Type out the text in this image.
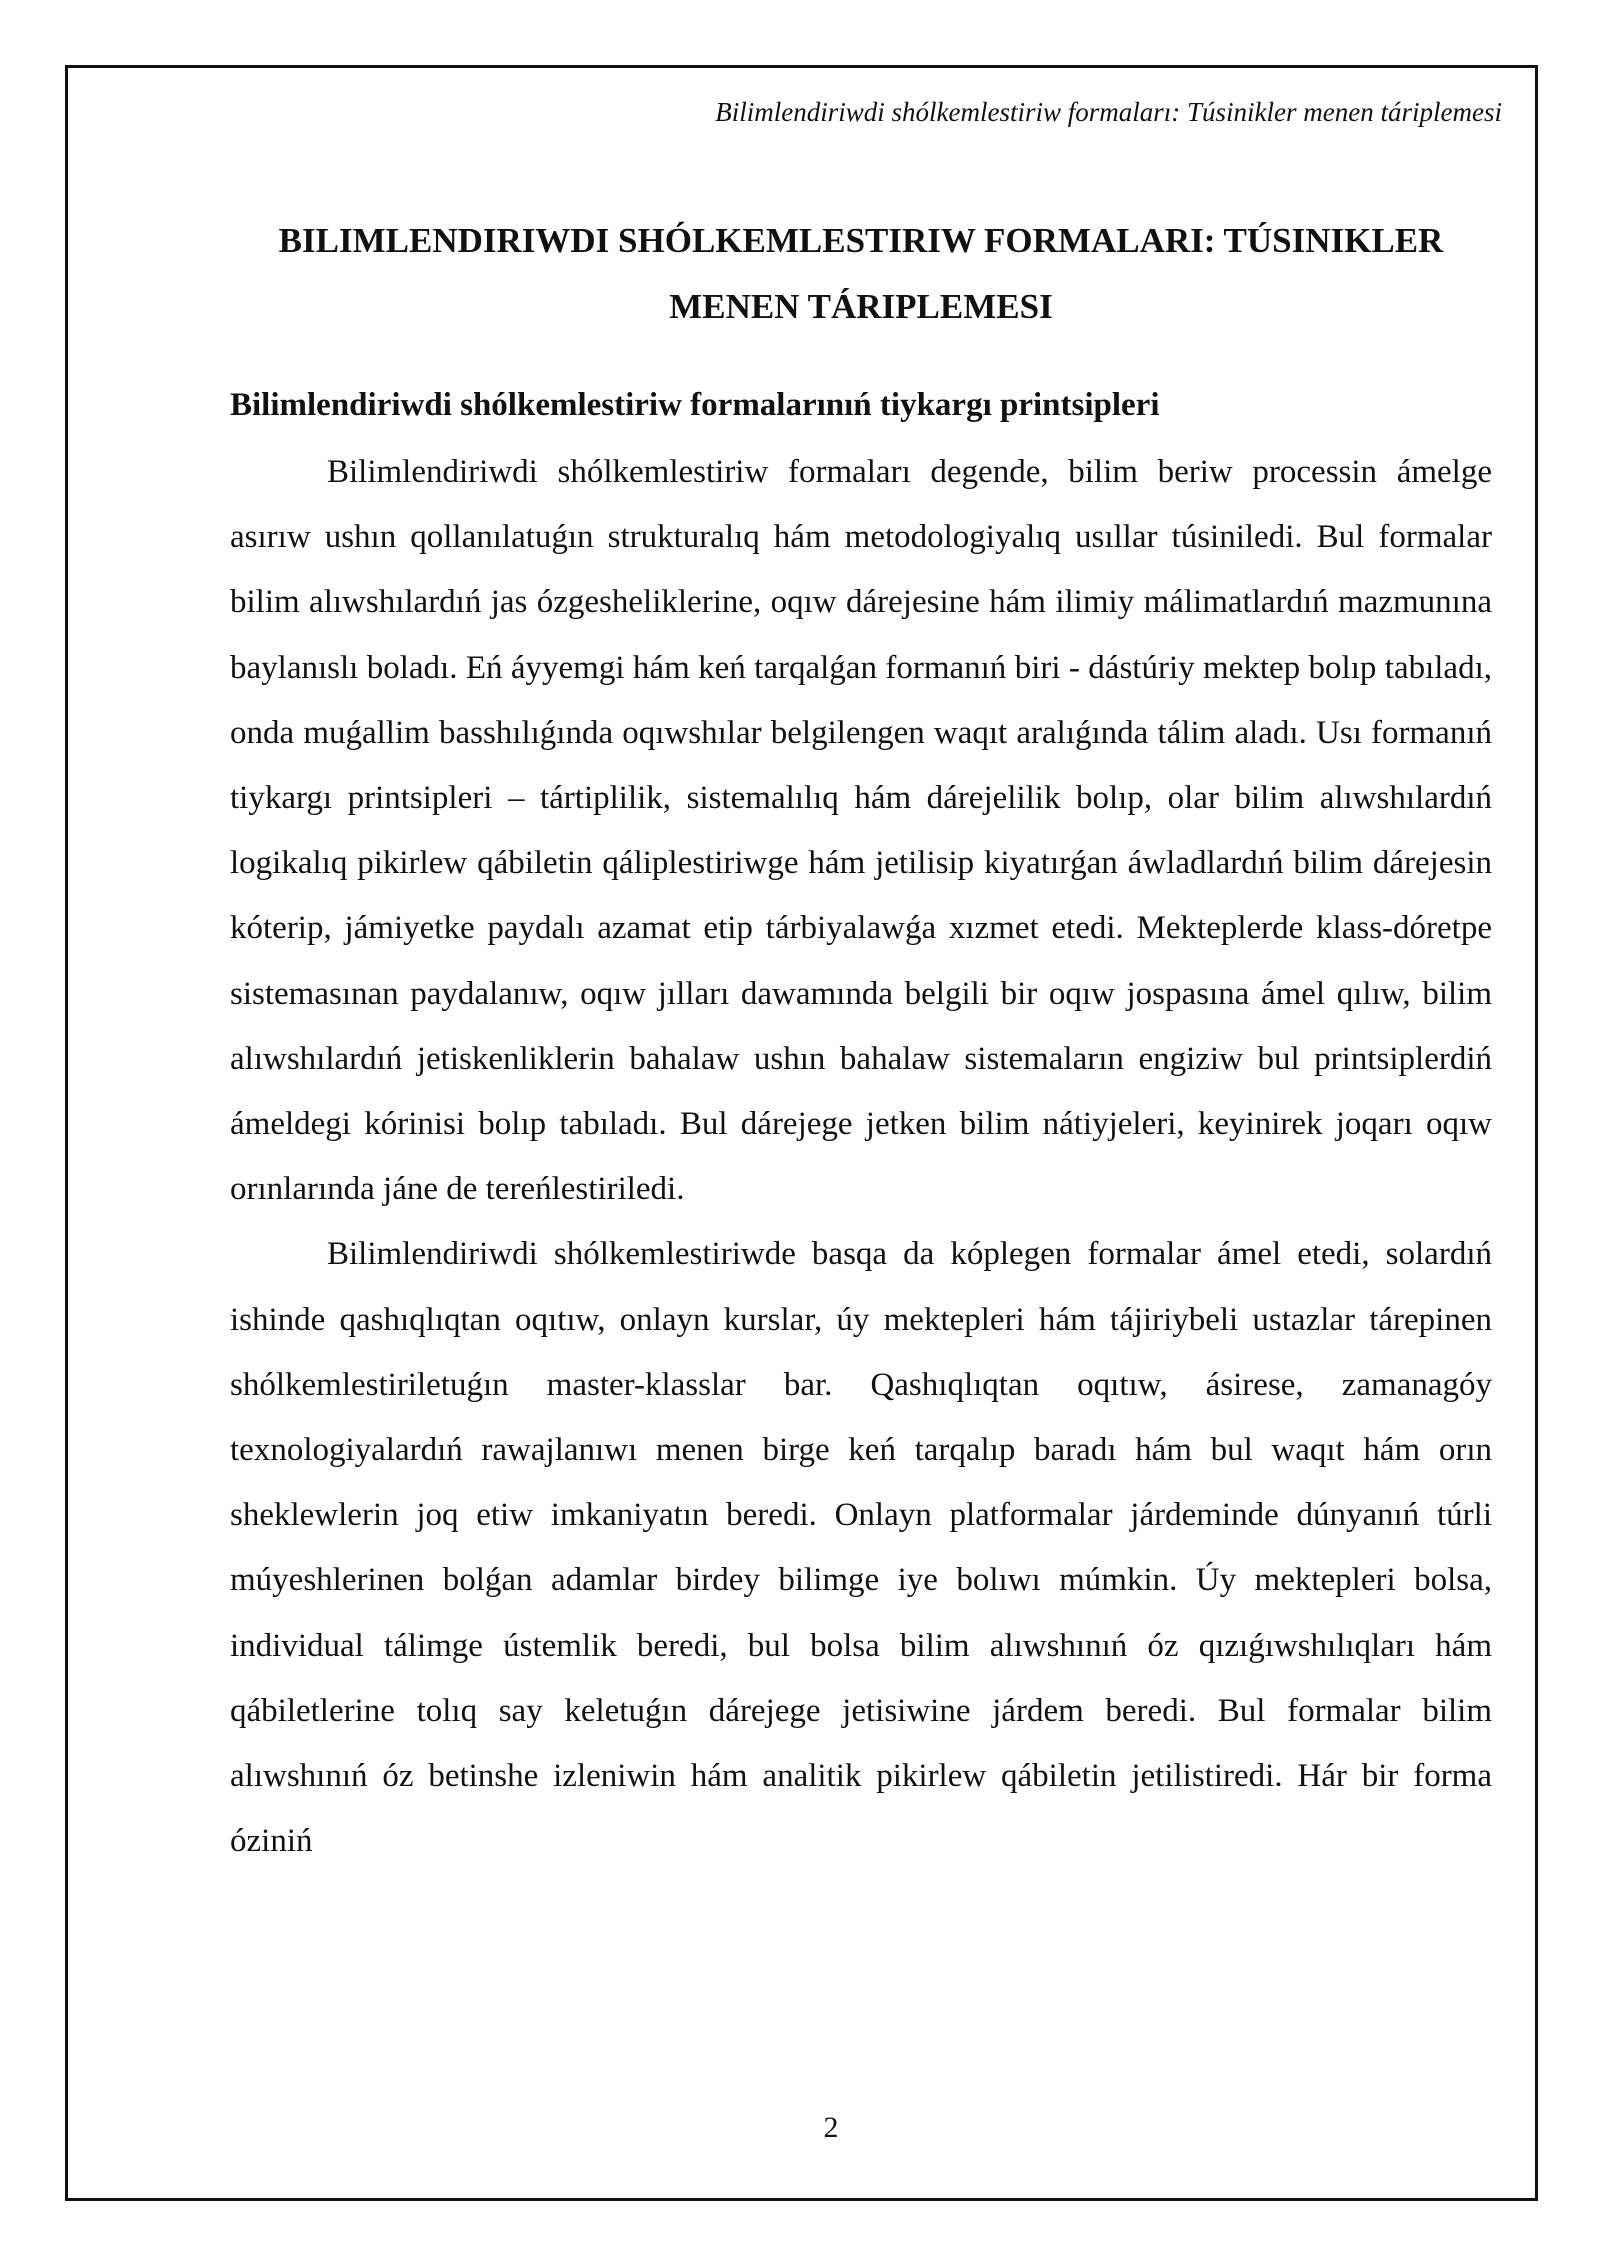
Bilimlendiriwdi shólkemlestiriw formaları: Túsinikler menen táriplemesi
BILIMLENDIRIWDI SHÓLKEMLESTIRIW FORMALARI: TÚSINIKLER MENEN TÁRIPLEMESI
Bilimlendiriwdi shólkemlestiriw formalarınıń tiykargı printsipleri

Bilimlendiriwdi shólkemlestiriw formaları degende, bilim beriw processin ámelge asırıw ushın qollanılatuǵın strukturalıq hám metodologiyalıq usıllar túsiniledi. Bul formalar bilim alıwshılardıń jas ózgesheliklerine, oqıw dárejesine hám ilimiy málimatlardıń mazmunına baylanıslı boladı. Eń áyyemgi hám keń tarqalǵan formanıń biri - dástúriy mektep bolıp tabıladı, onda muǵallim basshılıǵında oqıwshılar belgilengen waqıt aralıǵında tálim aladı. Usı formanıń tiykargı printsipleri – tártiplilik, sistemalılıq hám dárejelilik bolıp, olar bilim alıwshılardıń logikalıq pikirlew qábiletin qáliplestiriwge hám jetilisip kiyatırǵan áwladlardıń bilim dárejesin kóterip, jámiyetke paydalı azamat etip tárbiyalawǵa xızmet etedi. Mekteplerde klass-dóretpe sistemasınan paydalanıw, oqıw jılları dawamında belgili bir oqıw jospasına ámel qılıw, bilim alıwshılardıń jetiskenliklerin bahalaw ushın bahalaw sistemaların engiziw bul printsiplerdiń ámeldegi kórinisi bolıp tabıladı. Bul dárejege jetken bilim nátiyjeleri, keyinirek joqarı oqıw orınlarında jáne de tereńlestiriledi.

Bilimlendiriwdi shólkemlestiriwde basqa da kóplegen formalar ámel etedi, solardıń ishinde qashıqlıqtan oqıtıw, onlayn kurslar, úy mektepleri hám tájiriybeli ustazlar tárepinen shólkemlestiriletuǵın master-klasslar bar. Qashıqlıqtan oqıtıw, ásirese, zamanagóy texnologiyalardıń rawajlanıwı menen birge keń tarqalıp baradı hám bul waqıt hám orın sheklewlerin joq etiw imkaniyatın beredi. Onlayn platformalar járdeminde dúnyanıń túrli múyeshlerinen bolǵan adamlar birdey bilimge iye bolıwı múmkin. Úy mektepleri bolsa, individual tálimge ústemlik beredi, bul bolsa bilim alıwshınıń óz qızıǵıwshılıqları hám qábiletlerine tolıq say keletuǵın dárejege jetisiwine járdem beredi. Bul formalar bilim alıwshınıń óz betinshe izleniwin hám analitik pikirlew qábiletin jetilistiredi. Hár bir forma óziniń

2
